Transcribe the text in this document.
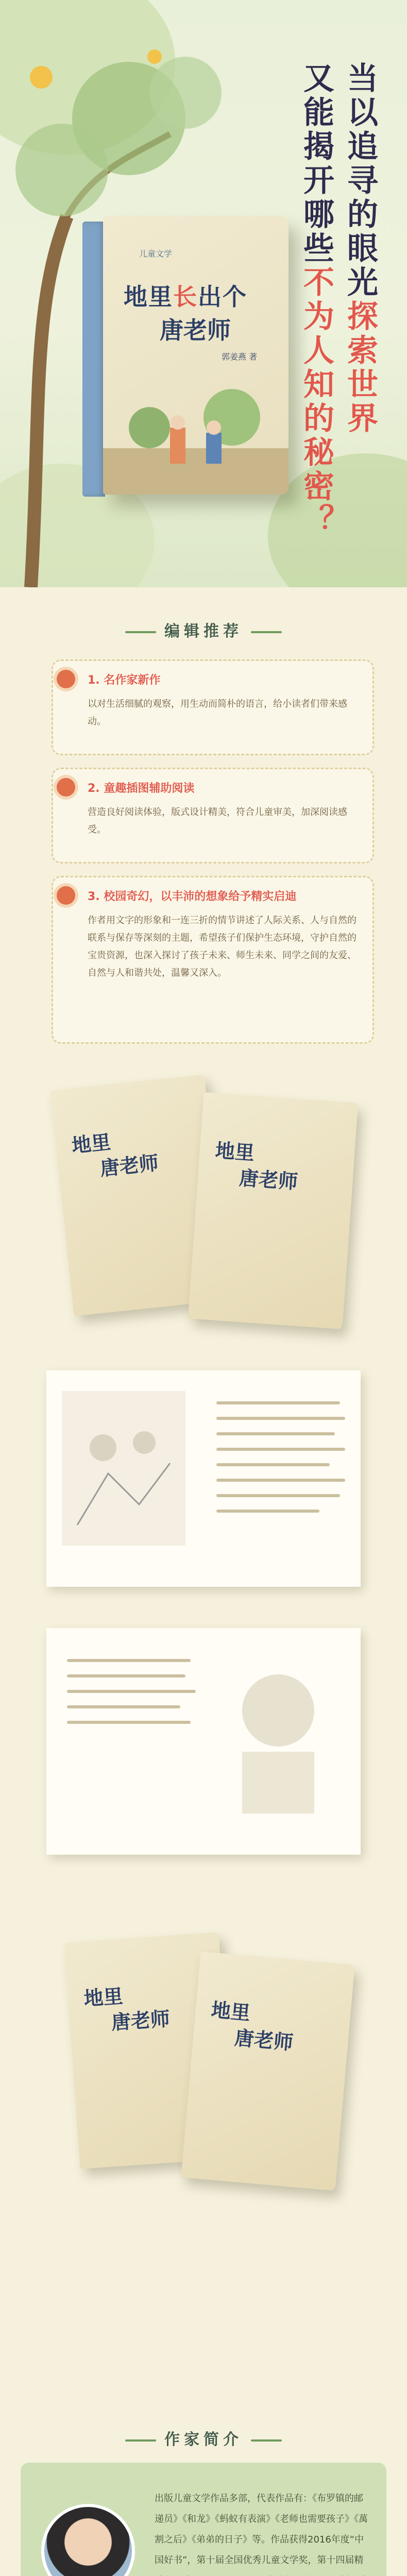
当以追寻的眼光探索世界
又能揭开哪些不为人知的秘密？
儿童文学
地里长出个
唐老师
郭姜燕 著
编辑推荐
1. 名作家新作
以对生活细腻的观察，用生动而简朴的语言，给小读者们带来感动。
2. 童趣插图辅助阅读
营造良好阅读体验，版式设计精美，符合儿童审美，加深阅读感受。
3. 校园奇幻，以丰沛的想象给予精实启迪
作者用文字的形象和一连三折的情节讲述了人际关系、人与自然的联系与保存等深刻的主题，希望孩子们保护生态环境，守护自然的宝贵资源，也深入探讨了孩子未来、师生未来、同学之间的友爱、自然与人和谐共处，温馨又深入。
地里
唐老师	地里
唐老师
地里
唐老师 地里
唐老师
作家简介
出版儿童文学作品多部，代表作品有：《布罗镇的邮递员》《和龙》《蚂蚁有表演》《老师也需要孩子》《萬割之后》《弟弟的日子》等。作品获得2016年度“中国好书”，第十届全国优秀儿童文学奖，第十四届精
